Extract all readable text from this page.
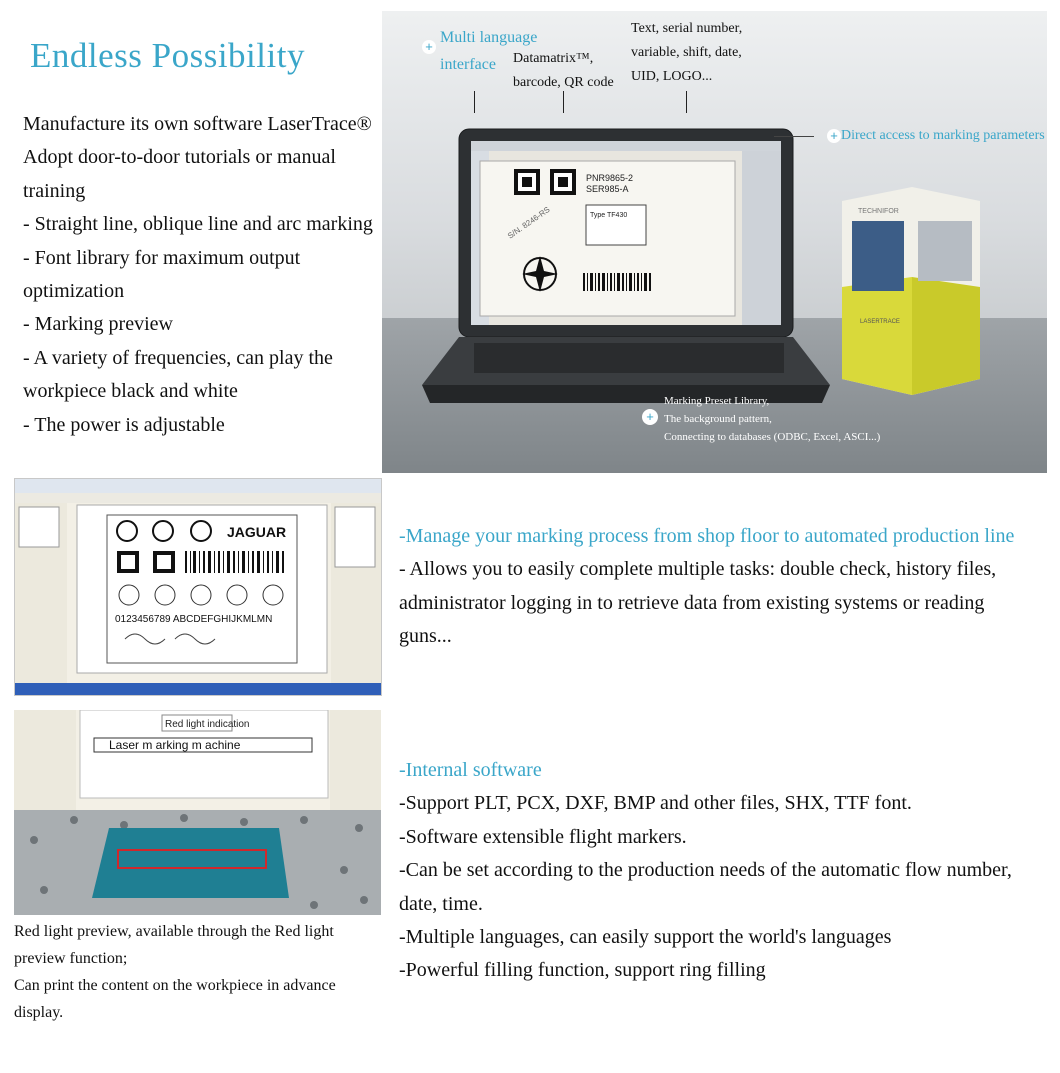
Endless Possibility
Manufacture its own software LaserTrace®
Adopt door-to-door tutorials or manual training
- Straight line, oblique line and arc marking
- Font library for maximum output optimization
- Marking preview
- A variety of frequencies, can play the workpiece black and white
- The power is adjustable
PNR9865-2
SER985-A
Type TF430
S/N. 8246-RS	TECHNIFOR
LASERTRACE
+
Multi language
interface	Datamatrix™,
barcode, QR code
Text, serial number,
variable, shift, date,
UID, LOGO...
+ Direct access to marking parameters
+
Marking Preset Library,
The background pattern,
Connecting to databases (ODBC, Excel, ASCI...)
JAGUAR
0123456789 ABCDEFGHIJKMLMN
-Manage your marking process from shop floor to automated production line
- Allows you to easily complete multiple tasks: double check, history files, administrator logging in to retrieve data from existing systems or reading guns...
Red light indication
Laser m arking m achine
-Internal software
-Support PLT, PCX, DXF, BMP and other files, SHX, TTF font.
-Software extensible flight markers.
-Can be set according to the production needs of the automatic flow number, date, time.
-Multiple languages, can easily support the world's languages
-Powerful filling function, support ring filling
Red light preview, available through the Red light preview function;
Can print the content on the workpiece in advance display.
